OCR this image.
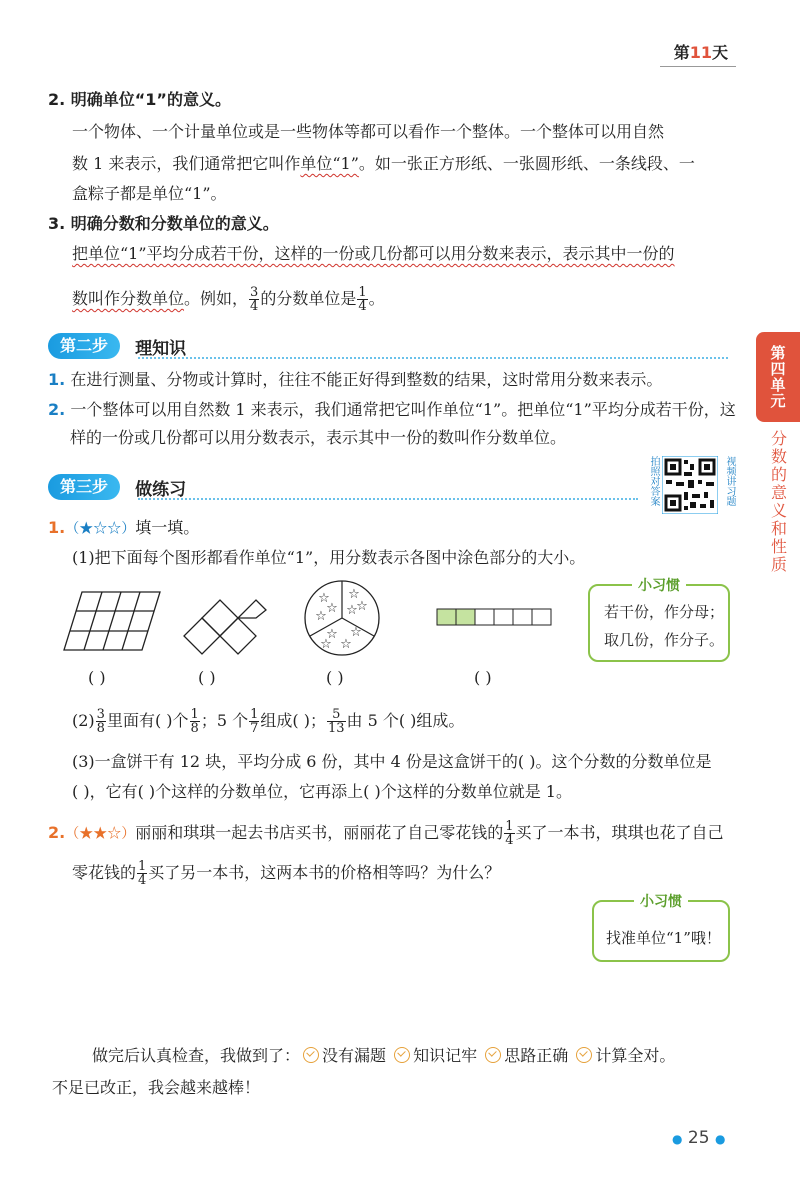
第11天
第四单元
分数的意义和性质
2. 明确单位“1”的意义。
一个物体、一个计量单位或是一些物体等都可以看作一个整体。一个整体可以用自然
数 1 来表示，我们通常把它叫作单位“1”。如一张正方形纸、一张圆形纸、一条线段、一
盒粽子都是单位“1”。
3. 明确分数和分数单位的意义。
把单位“1”平均分成若干份，这样的一份或几份都可以用分数来表示，表示其中一份的
数叫作分数单位。例如， $\frac{3}{4}$ 的分数单位是 $\frac{1}{4}$ 。
第二步 理知识
1. 在进行测量、分物或计算时，往往不能正好得到整数的结果，这时常用分数来表示。
2. 一个整体可以用自然数 1 来表示，我们通常把它叫作单位“1”。把单位“1”平均分成若干份，这
样的一份或几份都可以用分数表示，表示其中一份的数叫作分数单位。
第三步 做练习	拍照对答案	视频讲习题
1.（★☆☆）填一填。
(1)把下面每个图形都看作单位“1”，用分数表示各图中涂色部分的大小。
☆
☆
☆
☆
☆
☆
☆
☆
☆
☆
小习惯
若干份，作分母；
取几份，作分子。
( )	( )	( )	( )
$(2) \frac{3}{8}$ 里面有( )个 $\frac{1}{8}$ ；5 个 $\frac{1}{7}$ 组成( )； $\frac{5}{13}$ 由 5 个( )组成。
(3)一盒饼干有 12 块，平均分成 6 份，其中 4 份是这盒饼干的( )。这个分数的分数单位是
( )，它有( )个这样的分数单位，它再添上( )个这样的分数单位就是 1。
2.（★★☆）丽丽和琪琪一起去书店买书，丽丽花了自己零花钱的 $\frac{1}{4}$ 买了一本书，琪琪也花了自己
零花钱的 $\frac{1}{4}$ 买了另一本书，这两本书的价格相等吗？为什么？
小习惯
找准单位“1”哦！
做完后认真检查，我做到了： 没有漏题 知识记牢 思路正确 计算全对。
不足已改正，我会越来越棒！
● 25 ●
